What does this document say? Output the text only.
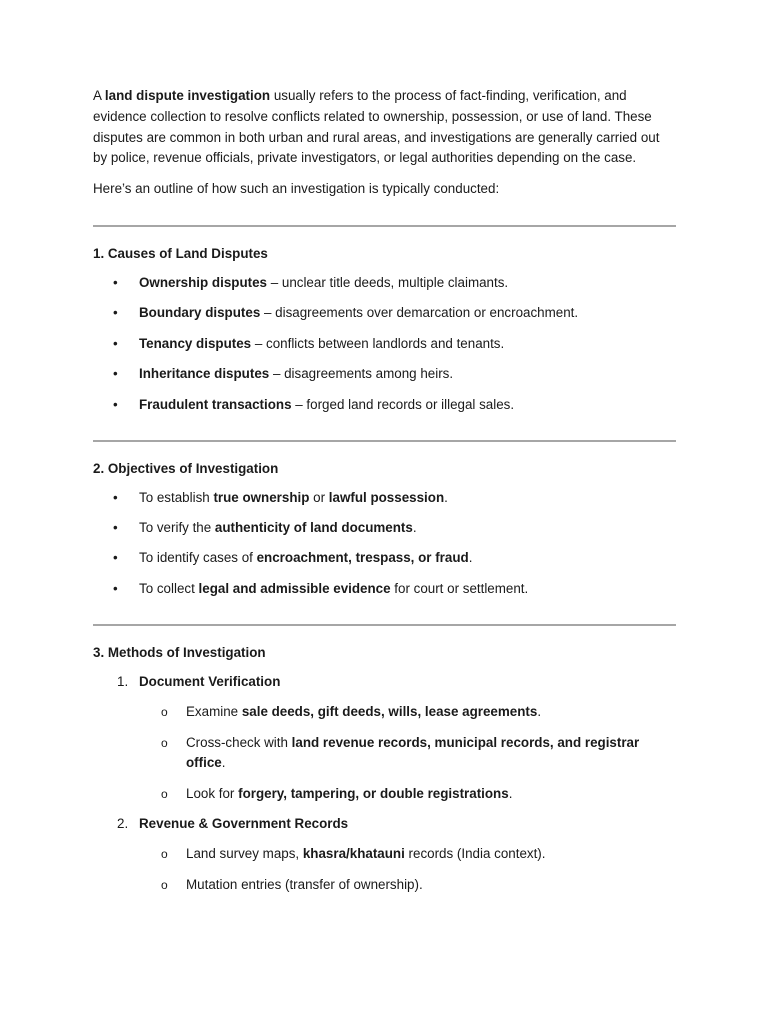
A land dispute investigation usually refers to the process of fact-finding, verification, and evidence collection to resolve conflicts related to ownership, possession, or use of land. These disputes are common in both urban and rural areas, and investigations are generally carried out by police, revenue officials, private investigators, or legal authorities depending on the case.

Here’s an outline of how such an investigation is typically conducted:

1. Causes of Land Disputes
• Ownership disputes – unclear title deeds, multiple claimants.
• Boundary disputes – disagreements over demarcation or encroachment.
• Tenancy disputes – conflicts between landlords and tenants.
• Inheritance disputes – disagreements among heirs.
• Fraudulent transactions – forged land records or illegal sales.
2. Objectives of Investigation
• To establish true ownership or lawful possession.
• To verify the authenticity of land documents.
• To identify cases of encroachment, trespass, or fraud.
• To collect legal and admissible evidence for court or settlement.
3. Methods of Investigation
1. Document Verification
o Examine sale deeds, gift deeds, wills, lease agreements.
o Cross-check with land revenue records, municipal records, and registrar office.
o Look for forgery, tampering, or double registrations.
2. Revenue & Government Records
o Land survey maps, khasra/khatauni records (India context).
o Mutation entries (transfer of ownership).
